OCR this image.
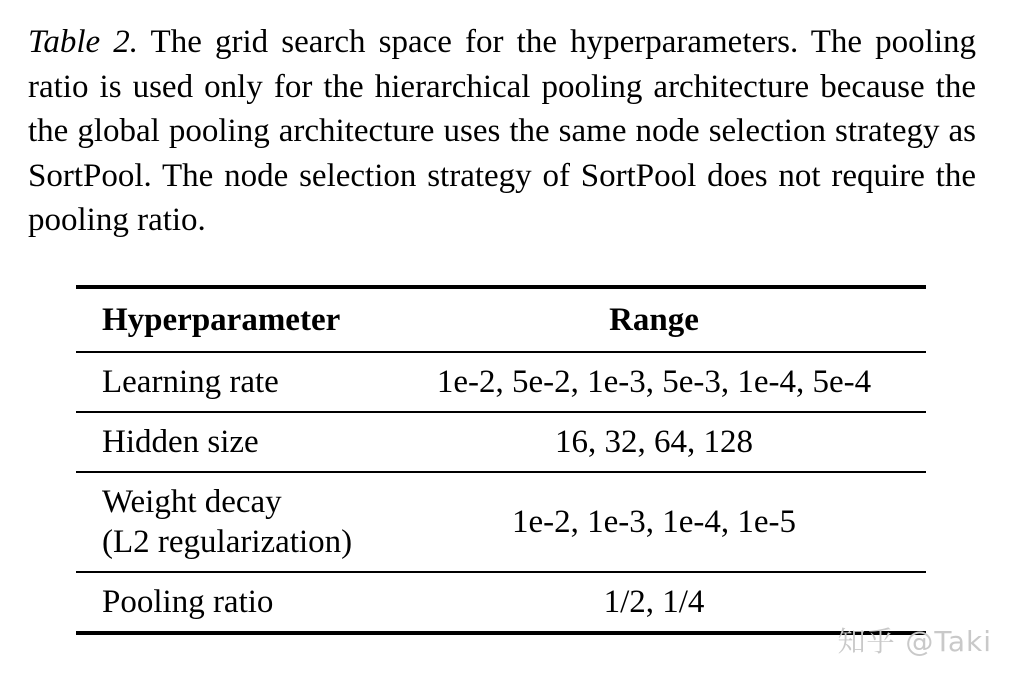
Table 2. The grid search space for the hyperparameters. The pooling ratio is used only for the hierarchical pooling architecture because the the global pooling architecture uses the same node selection strategy as SortPool. The node selection strategy of SortPool does not require the pooling ratio.

Hyperparameter	Range

Learning rate	1e-2, 5e-2, 1e-3, 5e-3, 1e-4, 5e-4

Hidden size	16, 32, 64, 128

Weight decay
(L2 regularization)	1e-2, 1e-3, 1e-4, 1e-5

Pooling ratio	1/2, 1/4
知乎 @Taki
